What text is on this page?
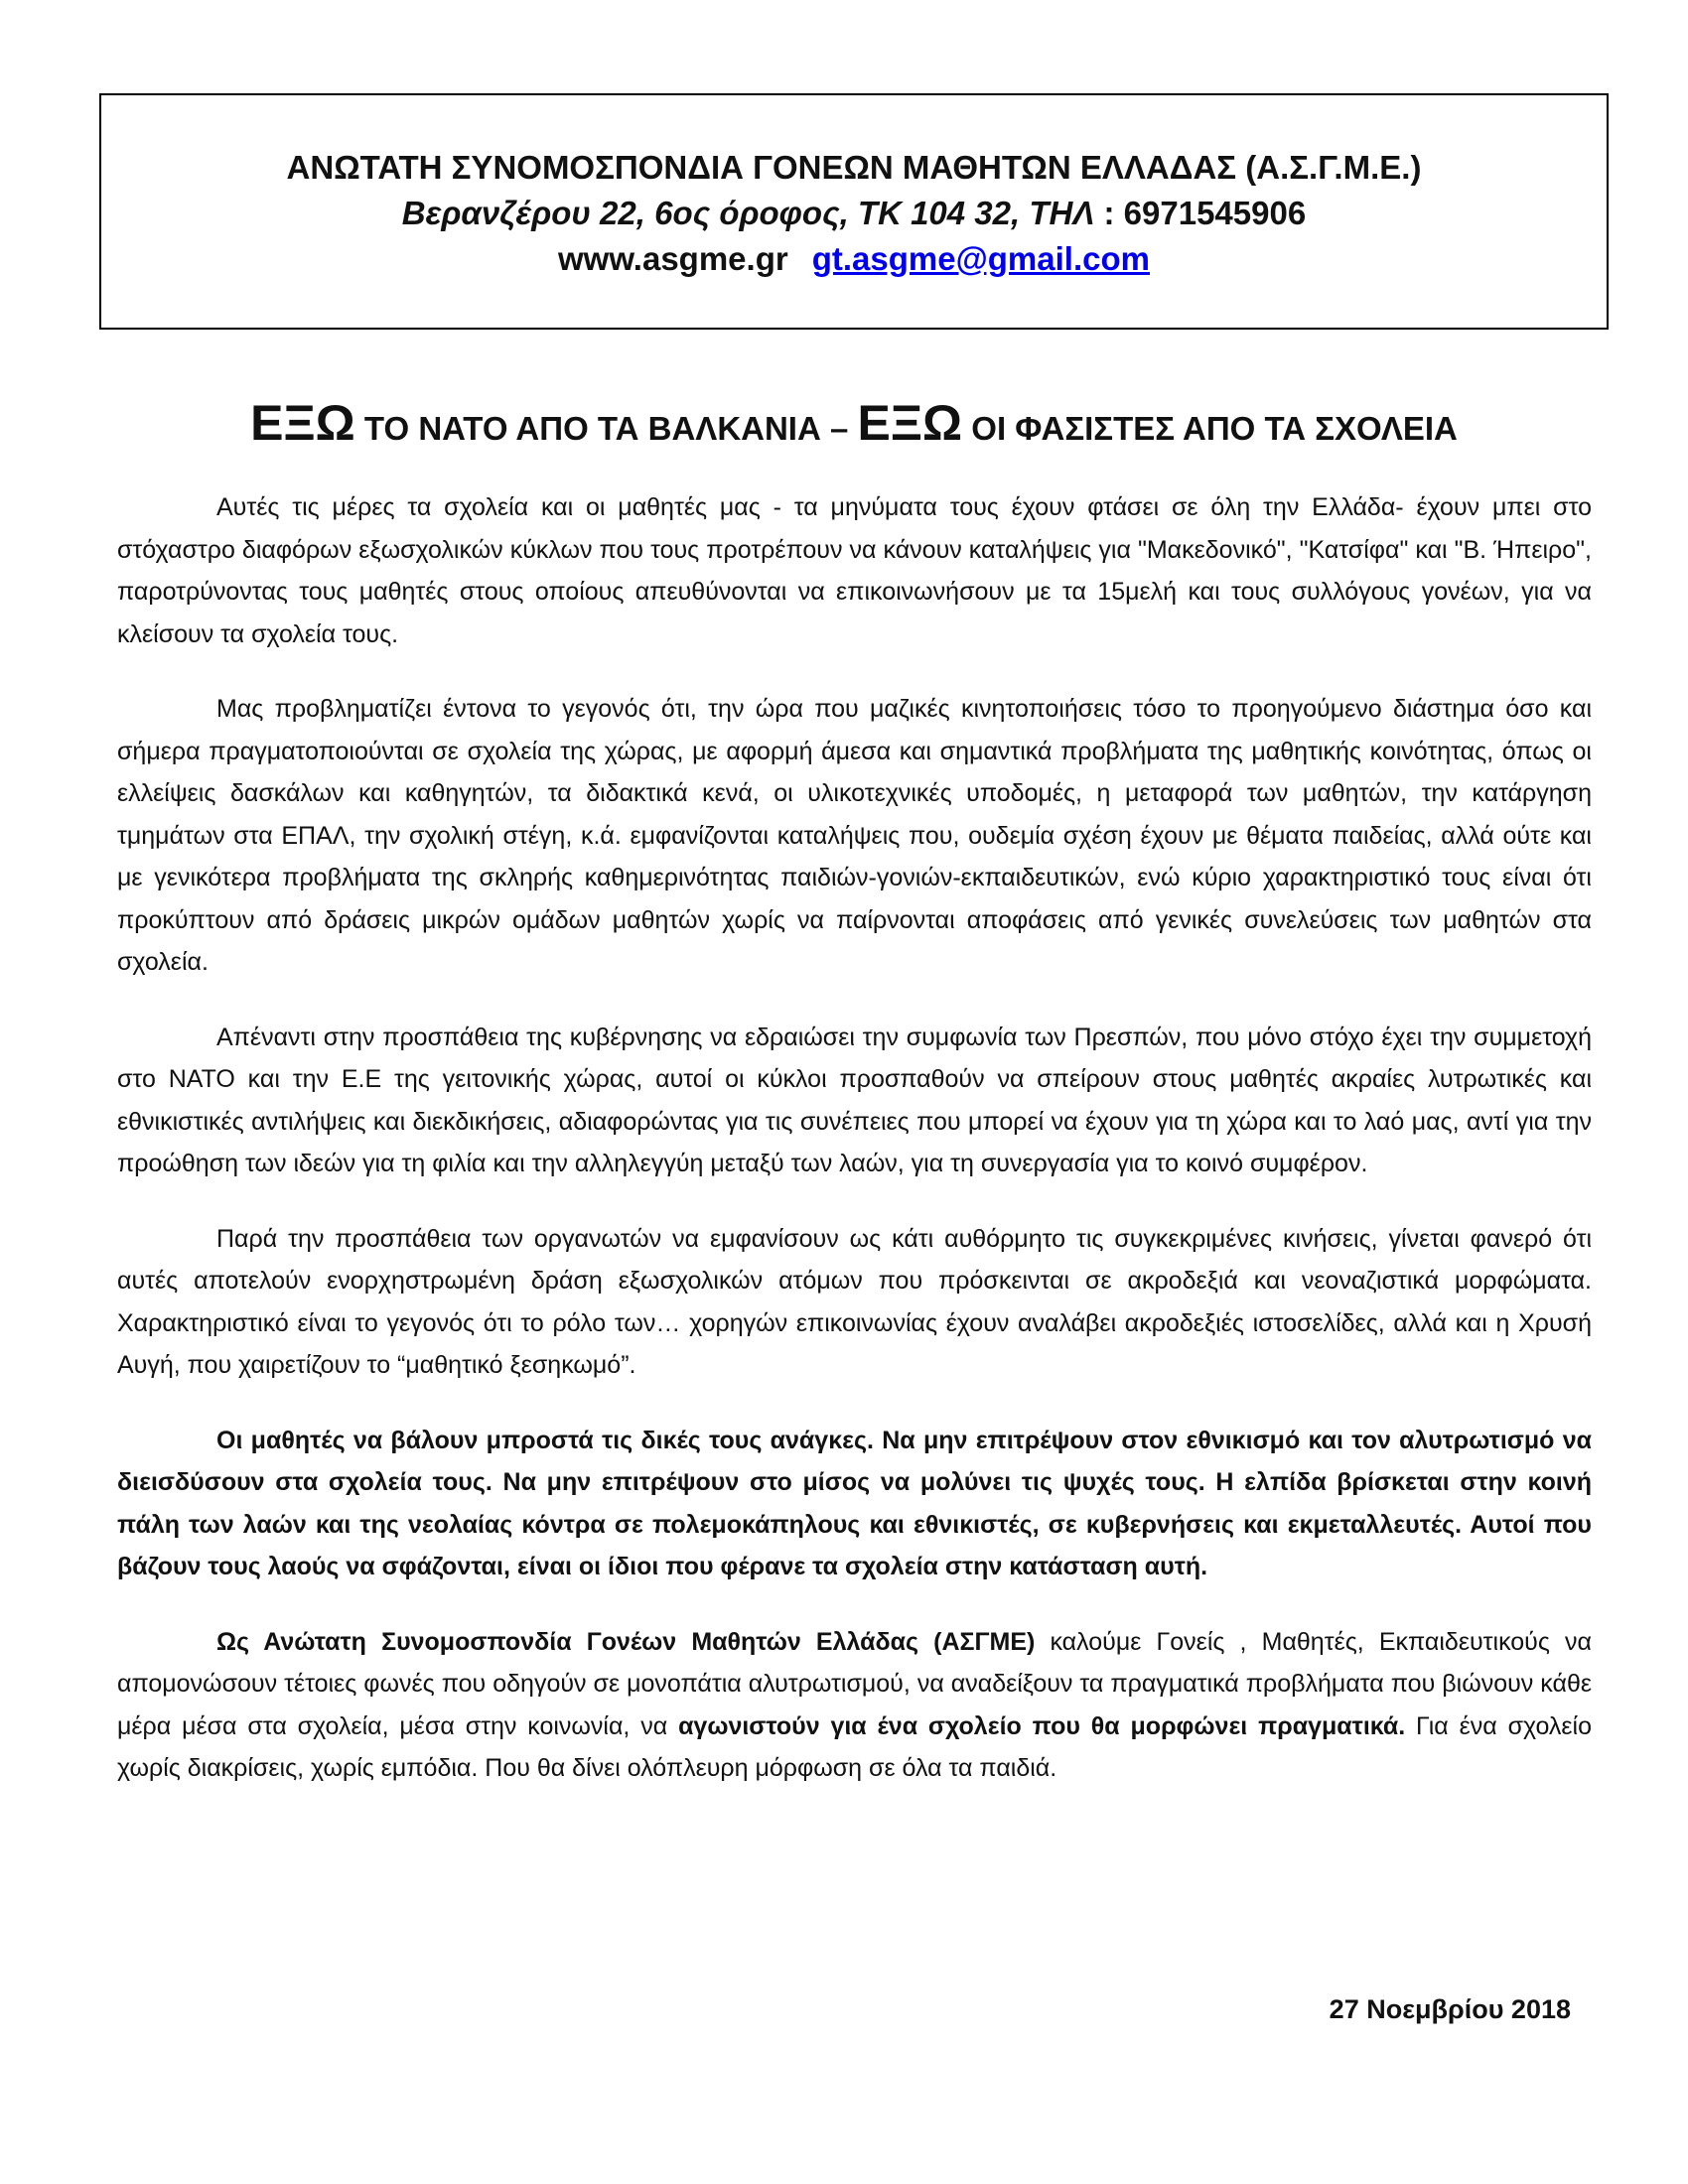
ΑΝΩΤΑΤΗ ΣΥΝΟΜΟΣΠΟΝΔΙΑ ΓΟΝΕΩΝ ΜΑΘΗΤΩΝ ΕΛΛΑΔΑΣ (Α.Σ.Γ.Μ.Ε.)
Βερανζέρου 22, 6ος όροφος, ΤΚ 104 32, ΤΗΛ : 6971545906
www.asgme.gr gt.asgme@gmail.com
ΕΞΩ ΤΟ ΝΑΤΟ ΑΠΟ ΤΑ ΒΑΛΚΑΝΙΑ – ΕΞΩ ΟΙ ΦΑΣΙΣΤΕΣ ΑΠΟ ΤΑ ΣΧΟΛΕΙΑ

Αυτές τις μέρες τα σχολεία και οι μαθητές μας - τα μηνύματα τους έχουν φτάσει σε όλη την Ελλάδα- έχουν μπει στο στόχαστρο διαφόρων εξωσχολικών κύκλων που τους προτρέπουν να κάνουν καταλήψεις για "Μακεδονικό", "Κατσίφα" και "Β. Ήπειρο", παροτρύνοντας τους μαθητές στους οποίους απευθύνονται να επικοινωνήσουν με τα 15μελή και τους συλλόγους γονέων, για να κλείσουν τα σχολεία τους.

Μας προβληματίζει έντονα το γεγονός ότι, την ώρα που μαζικές κινητοποιήσεις τόσο το προηγούμενο διάστημα όσο και σήμερα πραγματοποιούνται σε σχολεία της χώρας, με αφορμή άμεσα και σημαντικά προβλήματα της μαθητικής κοινότητας, όπως οι ελλείψεις δασκάλων και καθηγητών, τα διδακτικά κενά, οι υλικοτεχνικές υποδομές, η μεταφορά των μαθητών, την κατάργηση τμημάτων στα ΕΠΑΛ, την σχολική στέγη, κ.ά. εμφανίζονται καταλήψεις που, ουδεμία σχέση έχουν με θέματα παιδείας, αλλά ούτε και με γενικότερα προβλήματα της σκληρής καθημερινότητας παιδιών-γονιών-εκπαιδευτικών, ενώ κύριο χαρακτηριστικό τους είναι ότι προκύπτουν από δράσεις μικρών ομάδων μαθητών χωρίς να παίρνονται αποφάσεις από γενικές συνελεύσεις των μαθητών στα σχολεία.

Απέναντι στην προσπάθεια της κυβέρνησης να εδραιώσει την συμφωνία των Πρεσπών, που μόνο στόχο έχει την συμμετοχή στο ΝΑΤΟ και την Ε.Ε της γειτονικής χώρας, αυτοί οι κύκλοι προσπαθούν να σπείρουν στους μαθητές ακραίες λυτρωτικές και εθνικιστικές αντιλήψεις και διεκδικήσεις, αδιαφορώντας για τις συνέπειες που μπορεί να έχουν για τη χώρα και το λαό μας, αντί για την προώθηση των ιδεών για τη φιλία και την αλληλεγγύη μεταξύ των λαών, για τη συνεργασία για το κοινό συμφέρον.

Παρά την προσπάθεια των οργανωτών να εμφανίσουν ως κάτι αυθόρμητο τις συγκεκριμένες κινήσεις, γίνεται φανερό ότι αυτές αποτελούν ενορχηστρωμένη δράση εξωσχολικών ατόμων που πρόσκεινται σε ακροδεξιά και νεοναζιστικά μορφώματα. Χαρακτηριστικό είναι το γεγονός ότι το ρόλο των… χορηγών επικοινωνίας έχουν αναλάβει ακροδεξιές ιστοσελίδες, αλλά και η Χρυσή Αυγή, που χαιρετίζουν το “μαθητικό ξεσηκωμό”.

Οι μαθητές να βάλουν μπροστά τις δικές τους ανάγκες. Να μην επιτρέψουν στον εθνικισμό και τον αλυτρωτισμό να διεισδύσουν στα σχολεία τους. Να μην επιτρέψουν στο μίσος να μολύνει τις ψυχές τους. Η ελπίδα βρίσκεται στην κοινή πάλη των λαών και της νεολαίας κόντρα σε πολεμοκάπηλους και εθνικιστές, σε κυβερνήσεις και εκμεταλλευτές. Αυτοί που βάζουν τους λαούς να σφάζονται, είναι οι ίδιοι που φέρανε τα σχολεία στην κατάσταση αυτή.

Ως Ανώτατη Συνομοσπονδία Γονέων Μαθητών Ελλάδας (ΑΣΓΜΕ) καλούμε Γονείς , Μαθητές, Εκπαιδευτικούς να απομονώσουν τέτοιες φωνές που οδηγούν σε μονοπάτια αλυτρωτισμού, να αναδείξουν τα πραγματικά προβλήματα που βιώνουν κάθε μέρα μέσα στα σχολεία, μέσα στην κοινωνία, να αγωνιστούν για ένα σχολείο που θα μορφώνει πραγματικά. Για ένα σχολείο χωρίς διακρίσεις, χωρίς εμπόδια. Που θα δίνει ολόπλευρη μόρφωση σε όλα τα παιδιά.

27 Νοεμβρίου 2018
